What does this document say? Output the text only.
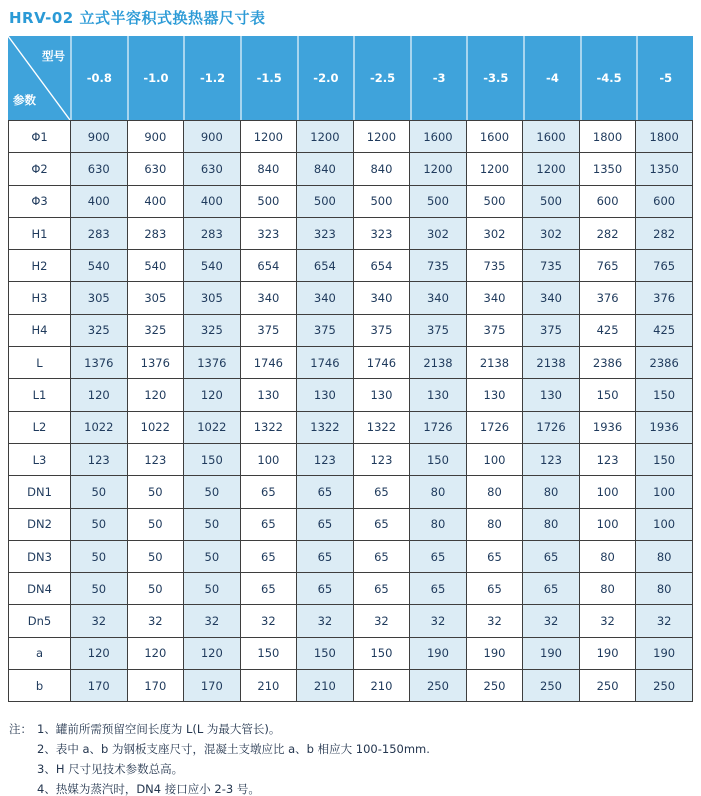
HRV-02 立式半容积式换热器尺寸表
型号
参数
-0.8	-1.0	-1.2	-1.5	-2.0	-2.5	-3	-3.5	-4	-4.5	-5
Φ1	900	900	900	1200	1200	1200	1600	1600	1600	1800	1800
Φ2	630	630	630	840	840	840	1200	1200	1200	1350	1350
Φ3	400	400	400	500	500	500	500	500	500	600	600
H1	283	283	283	323	323	323	302	302	302	282	282
H2	540	540	540	654	654	654	735	735	735	765	765
H3	305	305	305	340	340	340	340	340	340	376	376
H4	325	325	325	375	375	375	375	375	375	425	425
L	1376	1376	1376	1746	1746	1746	2138	2138	2138	2386	2386
L1	120	120	120	130	130	130	130	130	130	150	150
L2	1022	1022	1022	1322	1322	1322	1726	1726	1726	1936	1936
L3	123	123	150	100	123	123	150	100	123	123	150
DN1	50	50	50	65	65	65	80	80	80	100	100
DN2	50	50	50	65	65	65	80	80	80	100	100
DN3	50	50	50	65	65	65	65	65	65	80	80
DN4	50	50	50	65	65	65	65	65	65	80	80
Dn5	32	32	32	32	32	32	32	32	32	32	32
a	120	120	120	150	150	150	190	190	190	190	190
b	170	170	170	210	210	210	250	250	250	250	250
注： 1、罐前所需预留空间长度为 L(L 为最大管长)。
2、表中 a、b 为钢板支座尺寸，混凝土支墩应比 a、b 相应大 100-150mm.
3、H 尺寸见技术参数总高。
4、热媒为蒸汽时，DN4 接口应小 2-3 号。
